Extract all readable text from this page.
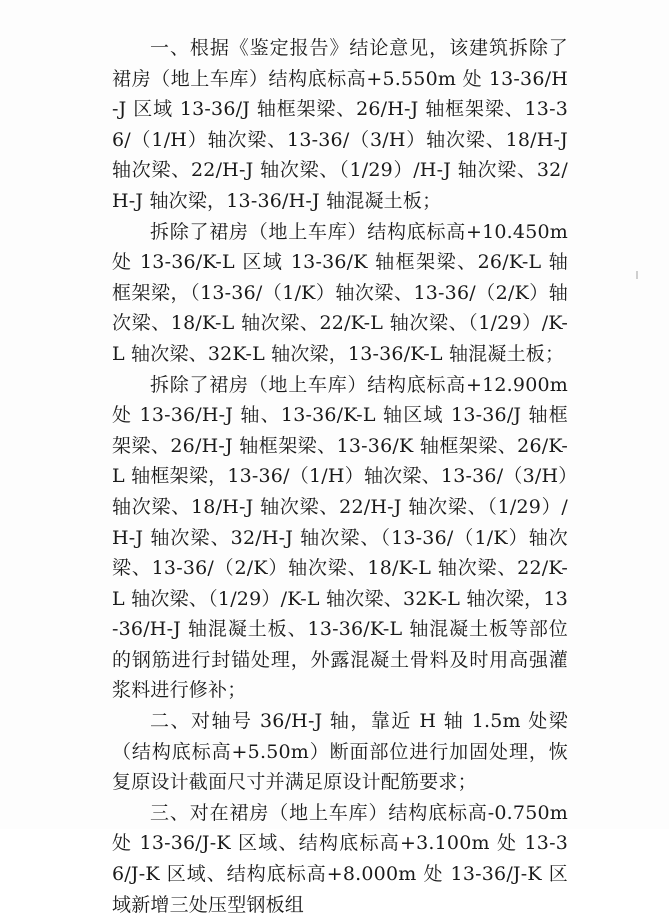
一、根据《鉴定报告》结论意见，该建筑拆除了裙房（地上车库）结构底标高+5.550m 处 13-36/H-J 区域 13-36/J 轴框架梁、26/H-J 轴框架梁、13-36/（1/H）轴次梁、13-36/（3/H）轴次梁、18/H-J 轴次梁、22/H-J 轴次梁、（1/29）/H-J 轴次梁、32/H-J 轴次梁，13-36/H-J 轴混凝土板；

拆除了裙房（地上车库）结构底标高+10.450m 处 13-36/K-L 区域 13-36/K 轴框架梁、26/K-L 轴框架梁，（13-36/（1/K）轴次梁、13-36/（2/K）轴次梁、18/K-L 轴次梁、22/K-L 轴次梁、（1/29）/K-L 轴次梁、32K-L 轴次梁，13-36/K-L 轴混凝土板；

拆除了裙房（地上车库）结构底标高+12.900m 处 13-36/H-J 轴、13-36/K-L 轴区域 13-36/J 轴框架梁、26/H-J 轴框架梁、13-36/K 轴框架梁、26/K-L 轴框架梁，13-36/（1/H）轴次梁、13-36/（3/H）轴次梁、18/H-J 轴次梁、22/H-J 轴次梁、（1/29）/H-J 轴次梁、32/H-J 轴次梁、（13-36/（1/K）轴次梁、13-36/（2/K）轴次梁、18/K-L 轴次梁、22/K-L 轴次梁、（1/29）/K-L 轴次梁、32K-L 轴次梁，13-36/H-J 轴混凝土板、13-36/K-L 轴混凝土板等部位的钢筋进行封锚处理，外露混凝土骨料及时用高强灌浆料进行修补；

二、对轴号 36/H-J 轴，靠近 H 轴 1.5m 处梁（结构底标高+5.50m）断面部位进行加固处理，恢复原设计截面尺寸并满足原设计配筋要求；

三、对在裙房（地上车库）结构底标高-0.750m 处 13-36/J-K 区域、结构底标高+3.100m 处 13-36/J-K 区域、结构底标高+8.000m 处 13-36/J-K 区域新增三处压型钢板组
